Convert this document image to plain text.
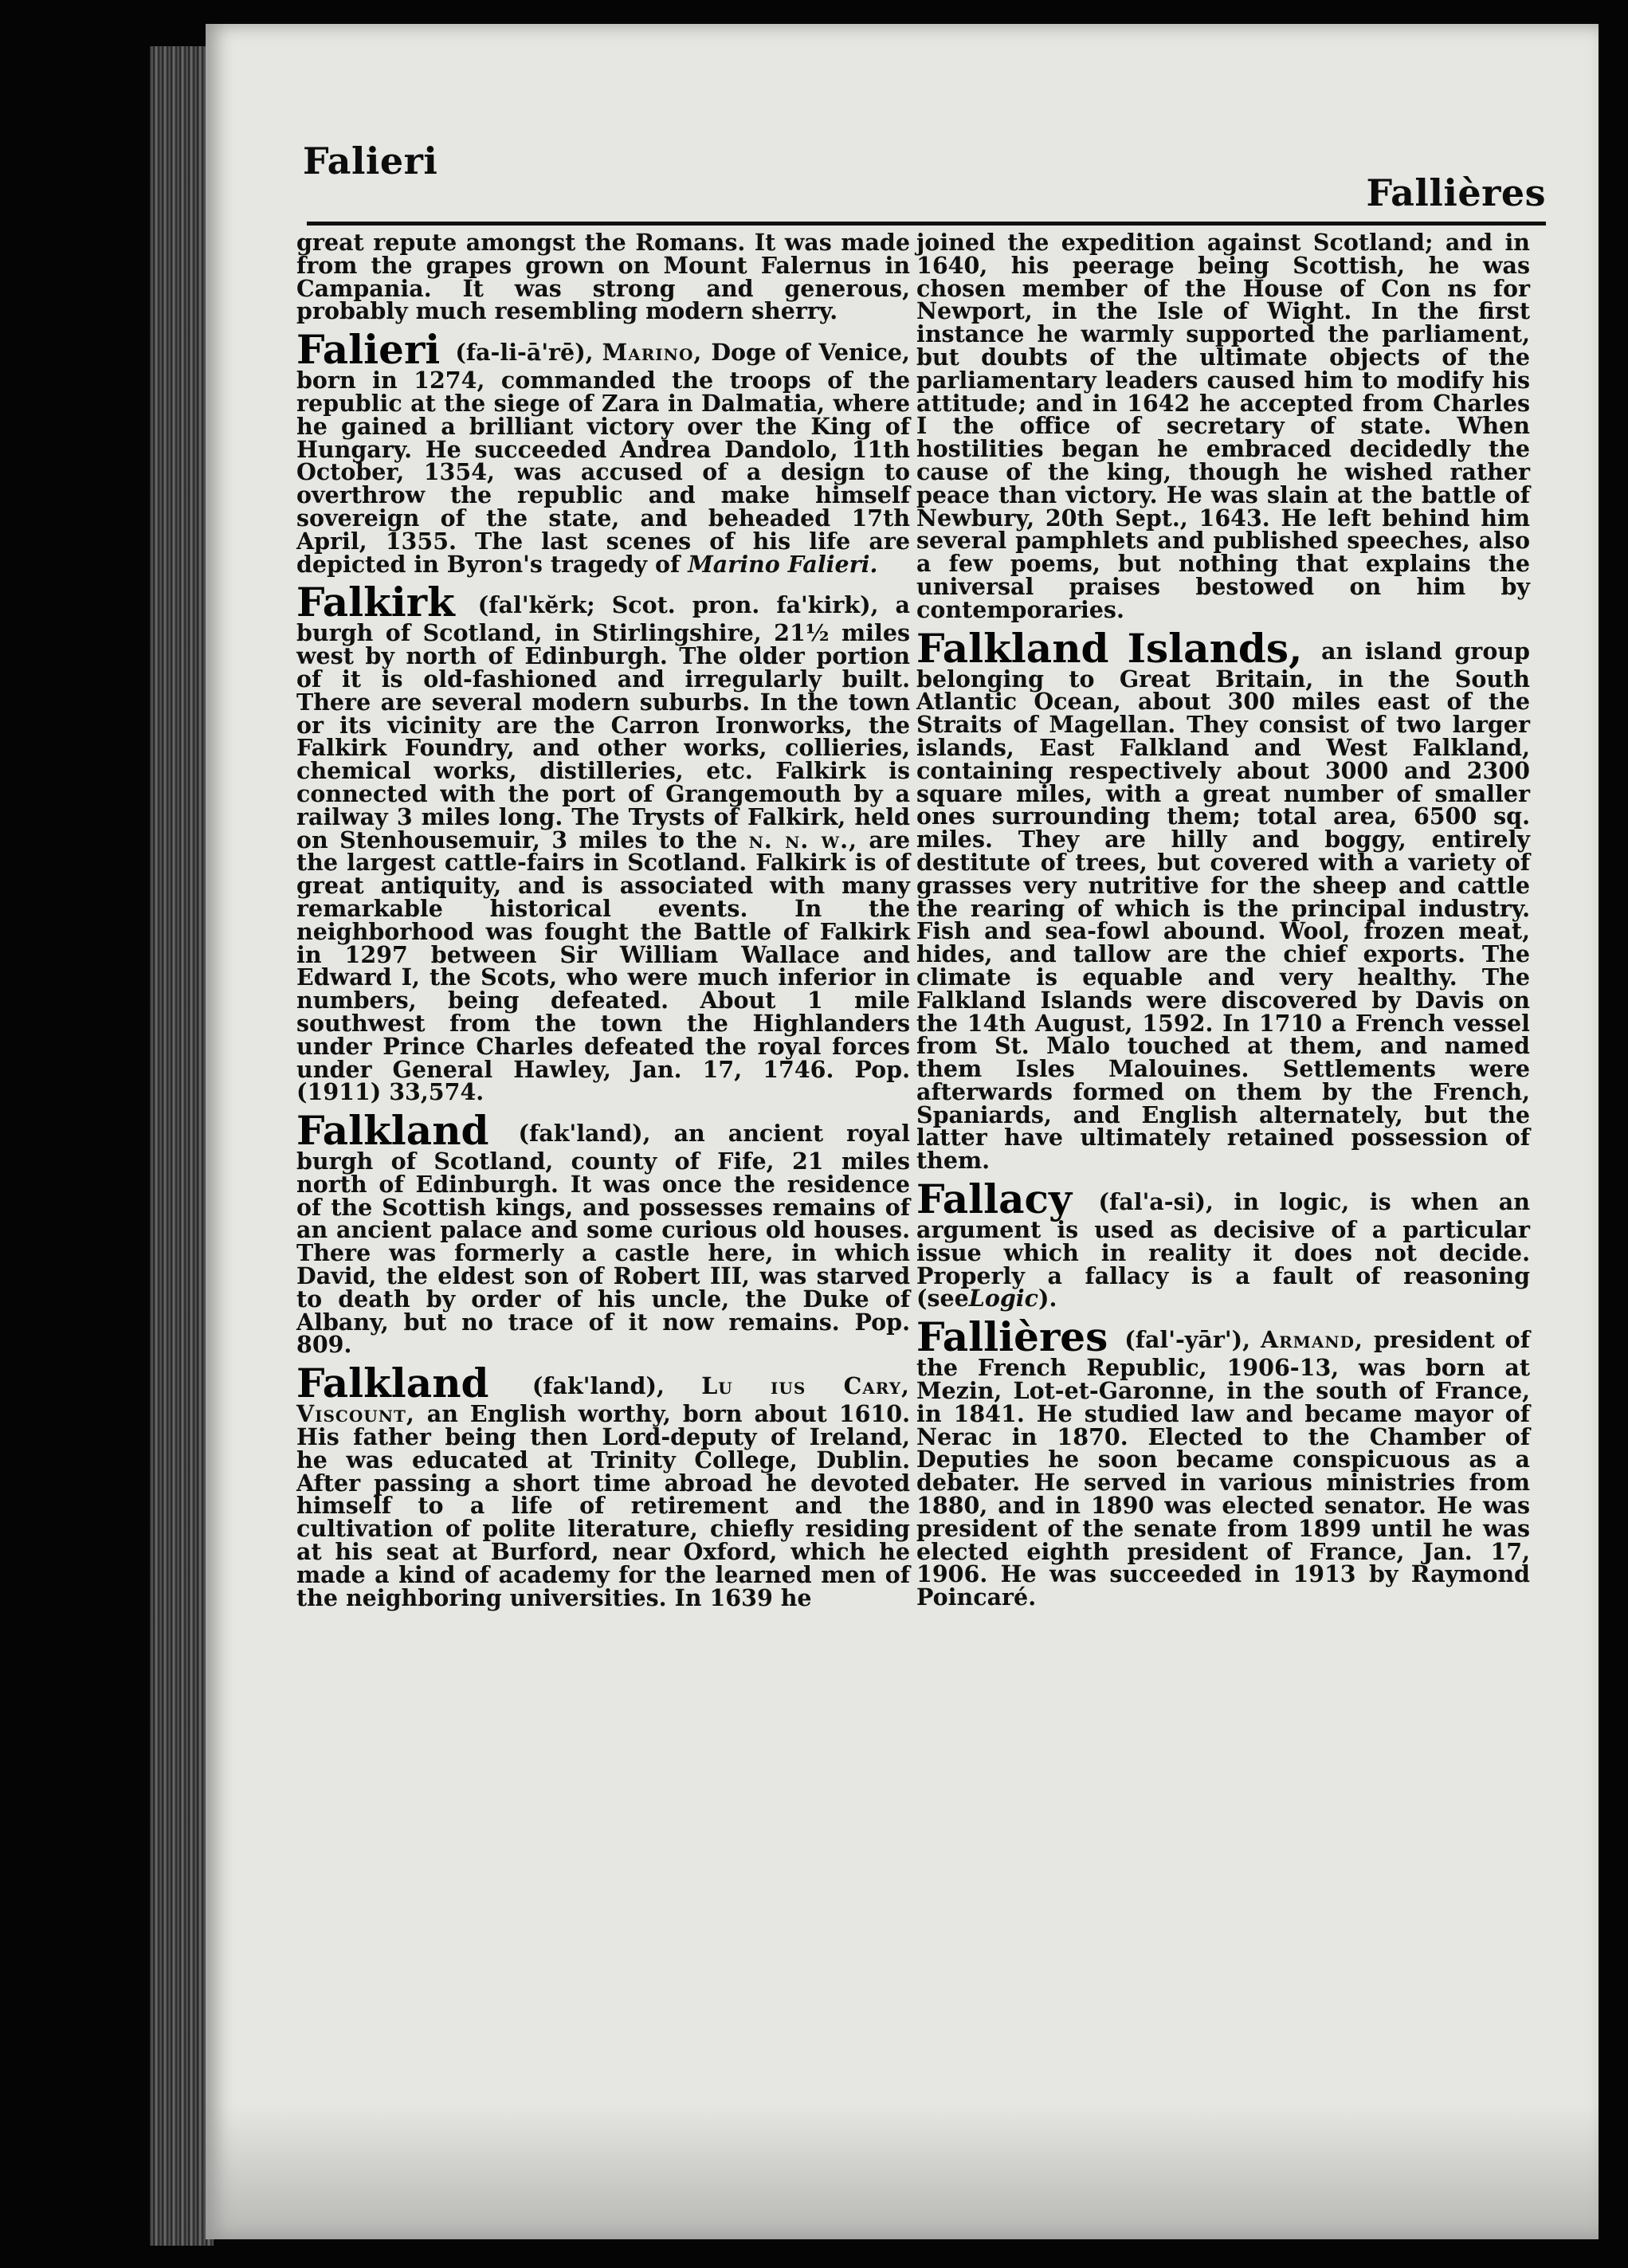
Falieri
Fallières

great repute amongst the Romans. It was made from the grapes grown on Mount Falernus in Campania. It was strong and generous, probably much resembling modern sherry.

Falieri (fa-li-ā'rē), Marino, Doge of Venice, born in 1274, commanded the troops of the republic at the siege of Zara in Dalmatia, where he gained a brilliant victory over the King of Hungary. He succeeded Andrea Dandolo, 11th October, 1354, was accused of a design to overthrow the republic and make himself sovereign of the state, and beheaded 17th April, 1355. The last scenes of his life are depicted in Byron's tragedy of Marino Falieri.

Falkirk (fal'kĕrk; Scot. pron. fa'kirk), a burgh of Scotland, in Stirlingshire, 21½ miles west by north of Edinburgh. The older portion of it is old-fashioned and irregularly built. There are several modern suburbs. In the town or its vicinity are the Carron Ironworks, the Falkirk Foundry, and other works, collieries, chemical works, distilleries, etc. Falkirk is connected with the port of Grangemouth by a railway 3 miles long. The Trysts of Falkirk, held on Stenhousemuir, 3 miles to the n. n. w., are the largest cattle-fairs in Scotland. Falkirk is of great antiquity, and is associated with many remarkable historical events. In the neighborhood was fought the Battle of Falkirk in 1297 between Sir William Wallace and Edward I, the Scots, who were much inferior in numbers, being defeated. About 1 mile southwest from the town the Highlanders under Prince Charles defeated the royal forces under General Hawley, Jan. 17, 1746. Pop. (1911) 33,574.

Falkland (fak'land), an ancient royal burgh of Scotland, county of Fife, 21 miles north of Edinburgh. It was once the residence of the Scottish kings, and possesses remains of an ancient palace and some curious old houses. There was formerly a castle here, in which David, the eldest son of Robert III, was starved to death by order of his uncle, the Duke of Albany, but no trace of it now remains. Pop. 809.

Falkland (fak'land), Lu ius Cary, Viscount, an English worthy, born about 1610. His father being then Lord-deputy of Ireland, he was educated at Trinity College, Dublin. After passing a short time abroad he devoted himself to a life of retirement and the cultivation of polite literature, chiefly residing at his seat at Burford, near Oxford, which he made a kind of academy for the learned men of the neighboring universities. In 1639 he

joined the expedition against Scotland; and in 1640, his peerage being Scottish, he was chosen member of the House of Con ns for Newport, in the Isle of Wight. In the first instance he warmly supported the parliament, but doubts of the ultimate objects of the parliamentary leaders caused him to modify his attitude; and in 1642 he accepted from Charles I the office of secretary of state. When hostilities began he embraced decidedly the cause of the king, though he wished rather peace than victory. He was slain at the battle of Newbury, 20th Sept., 1643. He left behind him several pamphlets and published speeches, also a few poems, but nothing that explains the universal praises bestowed on him by contemporaries.

Falkland Islands, an island group belonging to Great Britain, in the South Atlantic Ocean, about 300 miles east of the Straits of Magellan. They consist of two larger islands, East Falkland and West Falkland, containing respectively about 3000 and 2300 square miles, with a great number of smaller ones surrounding them; total area, 6500 sq. miles. They are hilly and boggy, entirely destitute of trees, but covered with a variety of grasses very nutritive for the sheep and cattle the rearing of which is the principal industry. Fish and sea-fowl abound. Wool, frozen meat, hides, and tallow are the chief exports. The climate is equable and very healthy. The Falkland Islands were discovered by Davis on the 14th August, 1592. In 1710 a French vessel from St. Malo touched at them, and named them Isles Malouines. Settlements were afterwards formed on them by the French, Spaniards, and English alternately, but the latter have ultimately retained possession of them.

Fallacy (fal'a-si), in logic, is when an argument is used as decisive of a particular issue which in reality it does not decide. Properly a fallacy is a fault of reasoning (seeLogic).

Fallières (fal'-yār'), Armand, president of the French Republic, 1906-13, was born at Mezin, Lot-et-Garonne, in the south of France, in 1841. He studied law and became mayor of Nerac in 1870. Elected to the Chamber of Deputies he soon became conspicuous as a debater. He served in various ministries from 1880, and in 1890 was elected senator. He was president of the senate from 1899 until he was elected eighth president of France, Jan. 17, 1906. He was succeeded in 1913 by Raymond Poincaré.
